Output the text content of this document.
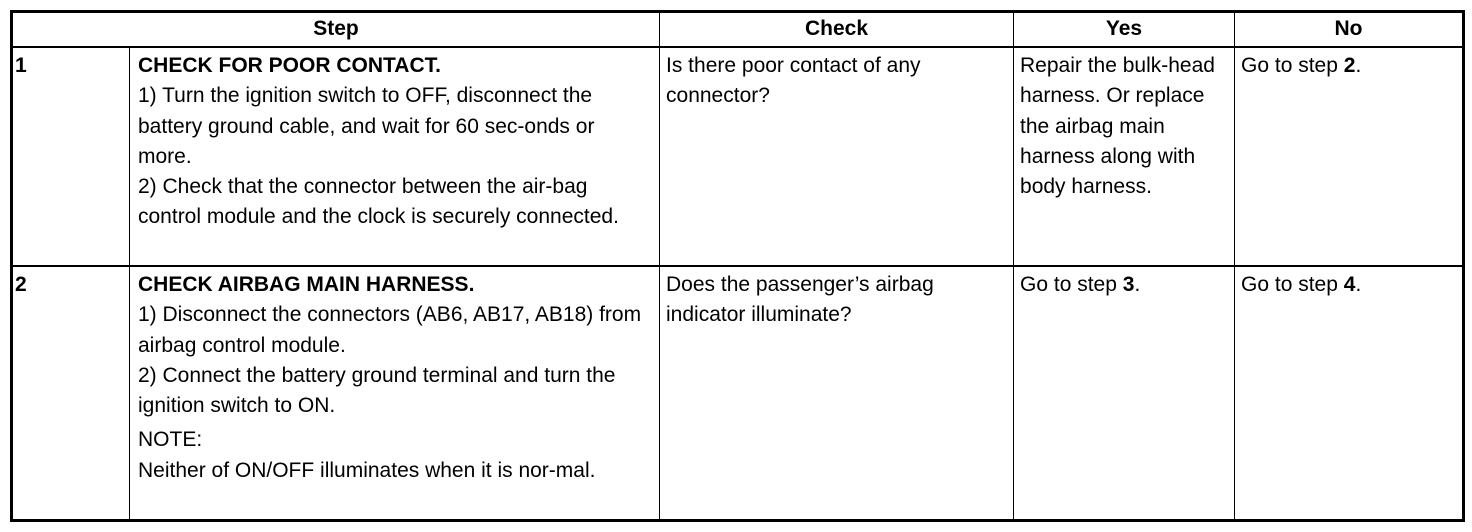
Step		Check	Yes	No
1	CHECK FOR POOR CONTACT.
1) Turn the ignition switch to OFF, disconnect the battery ground cable, and wait for 60 sec-onds or more.
2) Check that the connector between the air-bag control module and the clock is securely connected.	Is there poor contact of any connector?	Repair the bulk-head harness. Or replace the airbag main harness along with body harness.	Go to step 2.
2	CHECK AIRBAG MAIN HARNESS.
1) Disconnect the connectors (AB6, AB17, AB18) from airbag control module.
2) Connect the battery ground terminal and turn the ignition switch to ON.
NOTE:
Neither of ON/OFF illuminates when it is nor-mal.	Does the passenger’s airbag indicator illuminate?	Go to step 3.	Go to step 4.
